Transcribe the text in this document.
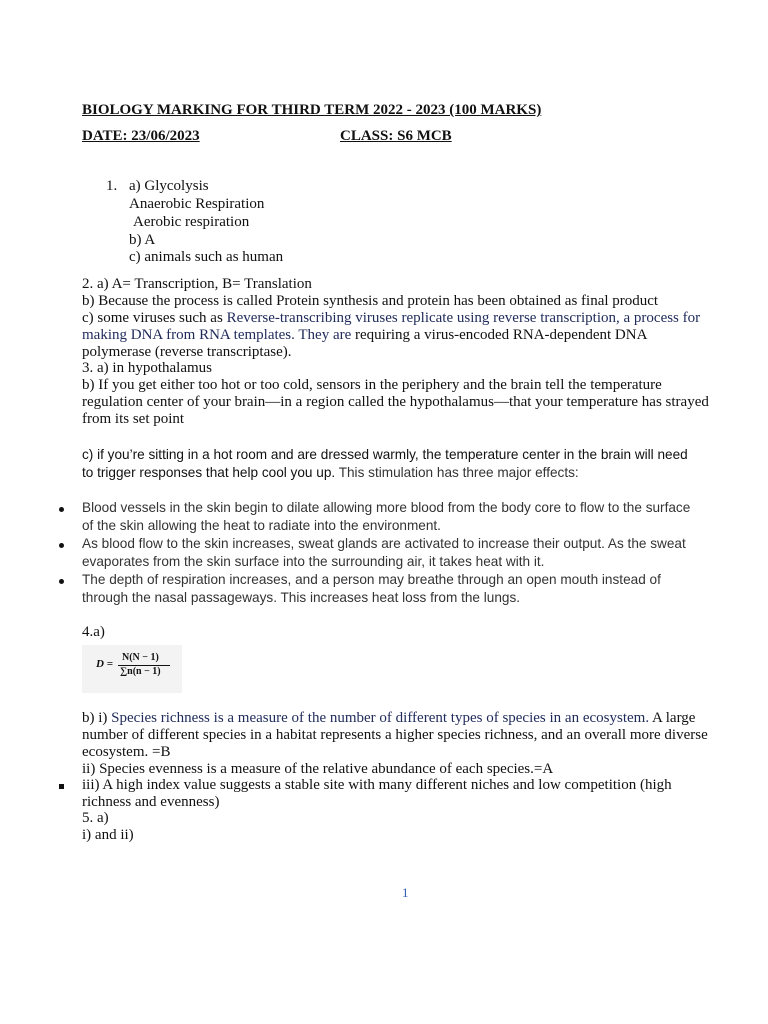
BIOLOGY MARKING FOR THIRD TERM 2022 - 2023 (100 MARKS)
DATE: 23/06/2023	CLASS: S6 MCB
1. a) Glycolysis
Anaerobic Respiration
Aerobic respiration
b) A
c) animals such as human
2. a) A= Transcription, B= Translation
b) Because the process is called Protein synthesis and protein has been obtained as final product
c) some viruses such as Reverse-transcribing viruses replicate using reverse transcription, a process for
making DNA from RNA templates. They are requiring a virus-encoded RNA-dependent DNA
polymerase (reverse transcriptase).
3. a) in hypothalamus
b) If you get either too hot or too cold, sensors in the periphery and the brain tell the temperature
regulation center of your brain—in a region called the hypothalamus—that your temperature has strayed
from its set point
c) if you’re sitting in a hot room and are dressed warmly, the temperature center in the brain will need
to trigger responses that help cool you up. This stimulation has three major effects:
Blood vessels in the skin begin to dilate allowing more blood from the body core to flow to the surface
of the skin allowing the heat to radiate into the environment.
As blood flow to the skin increases, sweat glands are activated to increase their output. As the sweat
evaporates from the skin surface into the surrounding air, it takes heat with it.
The depth of respiration increases, and a person may breathe through an open mouth instead of
through the nasal passageways. This increases heat loss from the lungs.
4.a)
D =
N(N − 1)
∑n(n − 1)
b) i) Species richness is a measure of the number of different types of species in an ecosystem. A large
number of different species in a habitat represents a higher species richness, and an overall more diverse
ecosystem. =B
ii) Species evenness is a measure of the relative abundance of each species.=A
iii) A high index value suggests a stable site with many different niches and low competition (high
richness and evenness)
5. a)
i) and ii)
1
